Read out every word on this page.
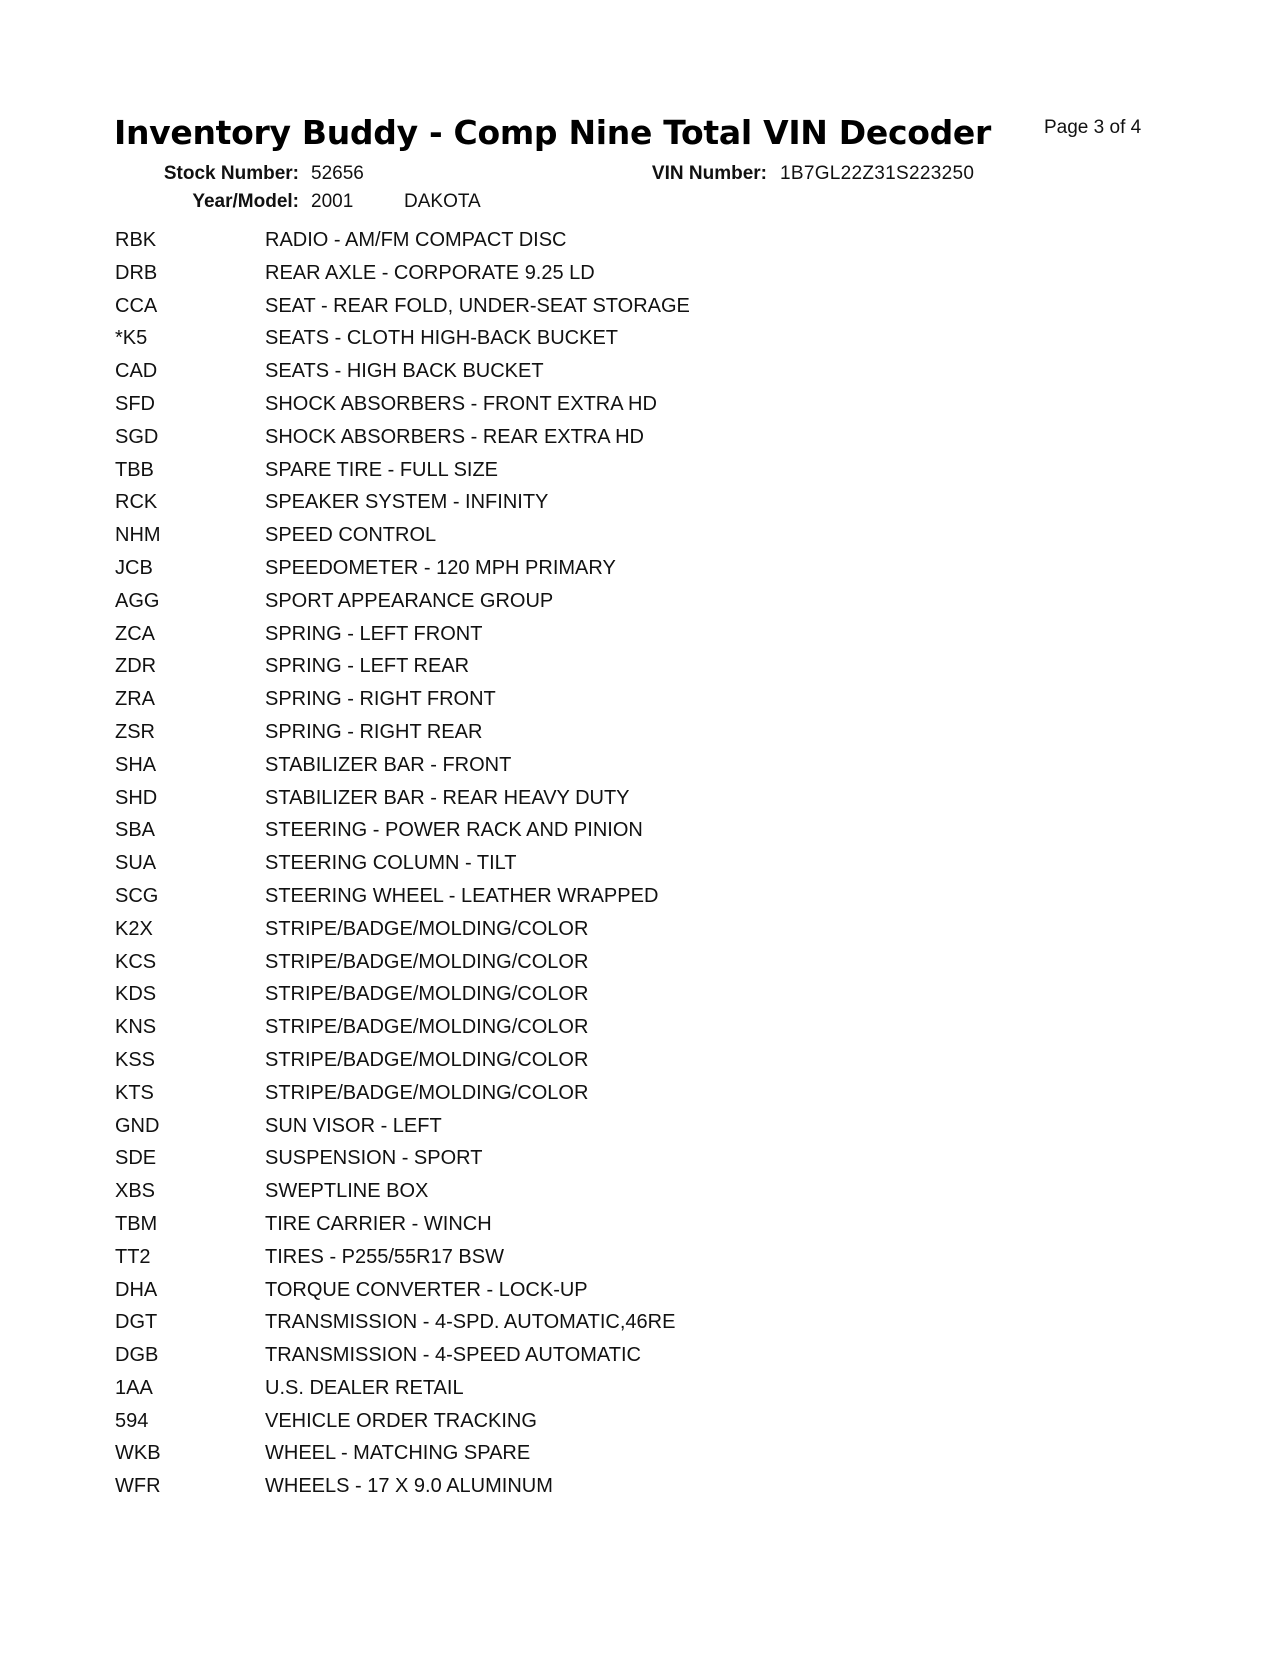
Inventory Buddy - Comp Nine Total VIN Decoder	Page 3 of 4
Stock Number: 52656	VIN Number: 1B7GL22Z31S223250
Year/Model: 2001	DAKOTA
RBK	RADIO - AM/FM COMPACT DISC
DRB	REAR AXLE - CORPORATE 9.25 LD
CCA	SEAT - REAR FOLD, UNDER-SEAT STORAGE
*K5	SEATS - CLOTH HIGH-BACK BUCKET
CAD	SEATS - HIGH BACK BUCKET
SFD	SHOCK ABSORBERS - FRONT EXTRA HD
SGD	SHOCK ABSORBERS - REAR EXTRA HD
TBB	SPARE TIRE - FULL SIZE
RCK	SPEAKER SYSTEM - INFINITY
NHM	SPEED CONTROL
JCB	SPEEDOMETER - 120 MPH PRIMARY
AGG	SPORT APPEARANCE GROUP
ZCA	SPRING - LEFT FRONT
ZDR	SPRING - LEFT REAR
ZRA	SPRING - RIGHT FRONT
ZSR	SPRING - RIGHT REAR
SHA	STABILIZER BAR - FRONT
SHD	STABILIZER BAR - REAR HEAVY DUTY
SBA	STEERING - POWER RACK AND PINION
SUA	STEERING COLUMN - TILT
SCG	STEERING WHEEL - LEATHER WRAPPED
K2X	STRIPE/BADGE/MOLDING/COLOR
KCS	STRIPE/BADGE/MOLDING/COLOR
KDS	STRIPE/BADGE/MOLDING/COLOR
KNS	STRIPE/BADGE/MOLDING/COLOR
KSS	STRIPE/BADGE/MOLDING/COLOR
KTS	STRIPE/BADGE/MOLDING/COLOR
GND	SUN VISOR - LEFT
SDE	SUSPENSION - SPORT
XBS	SWEPTLINE BOX
TBM	TIRE CARRIER - WINCH
TT2	TIRES - P255/55R17 BSW
DHA	TORQUE CONVERTER - LOCK-UP
DGT	TRANSMISSION - 4-SPD. AUTOMATIC,46RE
DGB	TRANSMISSION - 4-SPEED AUTOMATIC
1AA	U.S. DEALER RETAIL
594	VEHICLE ORDER TRACKING
WKB	WHEEL - MATCHING SPARE
WFR	WHEELS - 17 X 9.0 ALUMINUM
